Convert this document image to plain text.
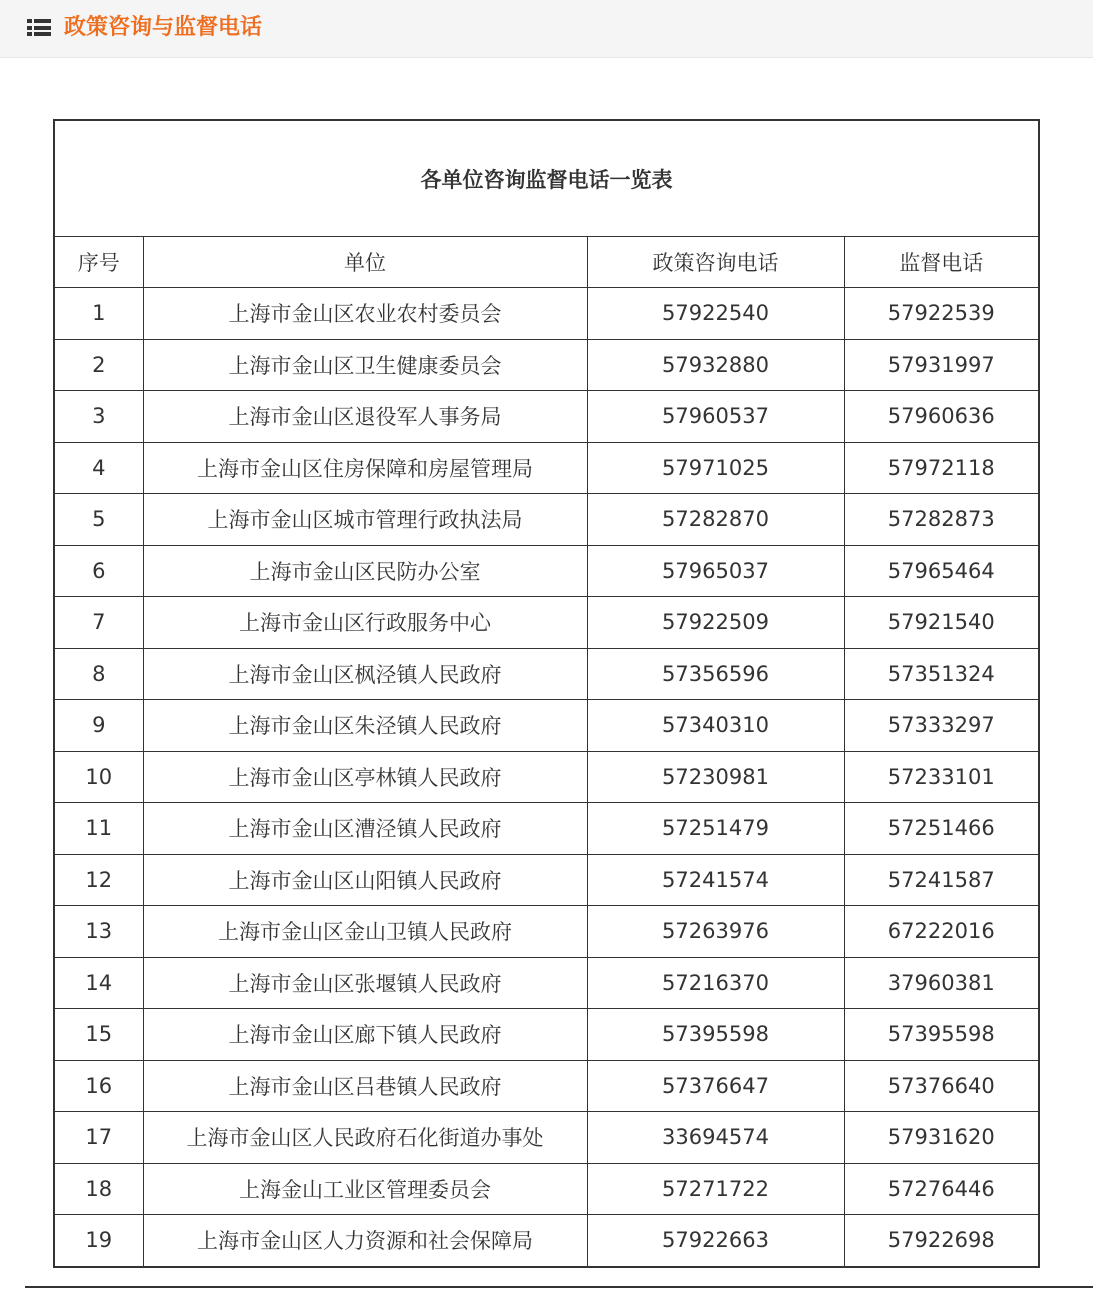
政策咨询与监督电话
各单位咨询监督电话一览表			
序号	单位	政策咨询电话	监督电话
1	上海市金山区农业农村委员会	57922540	57922539
2	上海市金山区卫生健康委员会	57932880	57931997
3	上海市金山区退役军人事务局	57960537	57960636
4	上海市金山区住房保障和房屋管理局	57971025	57972118
5	上海市金山区城市管理行政执法局	57282870	57282873
6	上海市金山区民防办公室	57965037	57965464
7	上海市金山区行政服务中心	57922509	57921540
8	上海市金山区枫泾镇人民政府	57356596	57351324
9	上海市金山区朱泾镇人民政府	57340310	57333297
10	上海市金山区亭林镇人民政府	57230981	57233101
11	上海市金山区漕泾镇人民政府	57251479	57251466
12	上海市金山区山阳镇人民政府	57241574	57241587
13	上海市金山区金山卫镇人民政府	57263976	67222016
14	上海市金山区张堰镇人民政府	57216370	37960381
15	上海市金山区廊下镇人民政府	57395598	57395598
16	上海市金山区吕巷镇人民政府	57376647	57376640
17	上海市金山区人民政府石化街道办事处	33694574	57931620
18	上海金山工业区管理委员会	57271722	57276446
19	上海市金山区人力资源和社会保障局	57922663	57922698
